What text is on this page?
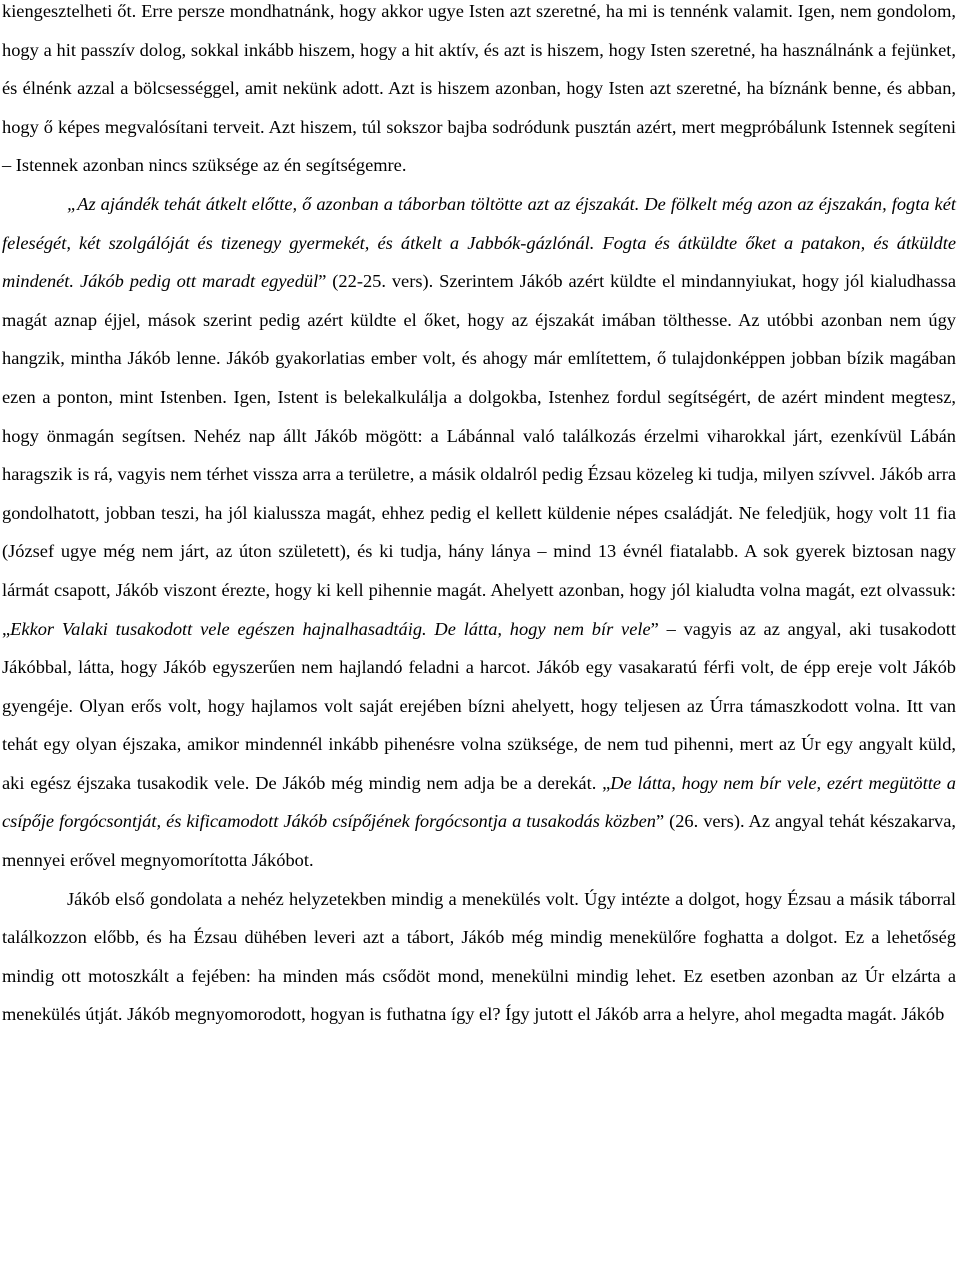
kiengesztelheti őt. Erre persze mondhatnánk, hogy akkor ugye Isten azt szeretné, ha mi is tennénk valamit. Igen, nem gondolom, hogy a hit passzív dolog, sokkal inkább hiszem, hogy a hit aktív, és azt is hiszem, hogy Isten szeretné, ha használnánk a fejünket, és élnénk azzal a bölcsességgel, amit nekünk adott. Azt is hiszem azonban, hogy Isten azt szeretné, ha bíznánk benne, és abban, hogy ő képes megvalósítani terveit. Azt hiszem, túl sokszor bajba sodródunk pusztán azért, mert megpróbálunk Istennek segíteni – Istennek azonban nincs szüksége az én segítségemre.

„Az ajándék tehát átkelt előtte, ő azonban a táborban töltötte azt az éjszakát. De fölkelt még azon az éjszakán, fogta két feleségét, két szolgálóját és tizenegy gyermekét, és átkelt a Jabbók-gázlónál. Fogta és átküldte őket a patakon, és átküldte mindenét. Jákób pedig ott maradt egyedül” (22-25. vers). Szerintem Jákób azért küldte el mindannyiukat, hogy jól kialudhassa magát aznap éjjel, mások szerint pedig azért küldte el őket, hogy az éjszakát imában tölthesse. Az utóbbi azonban nem úgy hangzik, mintha Jákób lenne. Jákób gyakorlatias ember volt, és ahogy már említettem, ő tulajdonképpen jobban bízik magában ezen a ponton, mint Istenben. Igen, Istent is belekalkulálja a dolgokba, Istenhez fordul segítségért, de azért mindent megtesz, hogy önmagán segítsen. Nehéz nap állt Jákób mögött: a Lábánnal való találkozás érzelmi viharokkal járt, ezenkívül Lábán haragszik is rá, vagyis nem térhet vissza arra a területre, a másik oldalról pedig Ézsau közeleg ki tudja, milyen szívvel. Jákób arra gondolhatott, jobban teszi, ha jól kialussza magát, ehhez pedig el kellett küldenie népes családját. Ne feledjük, hogy volt 11 fia (József ugye még nem járt, az úton született), és ki tudja, hány lánya – mind 13 évnél fiatalabb. A sok gyerek biztosan nagy lármát csapott, Jákób viszont érezte, hogy ki kell pihennie magát. Ahelyett azonban, hogy jól kialudta volna magát, ezt olvassuk: „Ekkor Valaki tusakodott vele egészen hajnalhasadtáig. De látta, hogy nem bír vele” – vagyis az az angyal, aki tusakodott Jákóbbal, látta, hogy Jákób egyszerűen nem hajlandó feladni a harcot. Jákób egy vasakaratú férfi volt, de épp ereje volt Jákób gyengéje. Olyan erős volt, hogy hajlamos volt saját erejében bízni ahelyett, hogy teljesen az Úrra támaszkodott volna. Itt van tehát egy olyan éjszaka, amikor mindennél inkább pihenésre volna szüksége, de nem tud pihenni, mert az Úr egy angyalt küld, aki egész éjszaka tusakodik vele. De Jákób még mindig nem adja be a derekát. „De látta, hogy nem bír vele, ezért megütötte a csípője forgócsontját, és kificamodott Jákób csípőjének forgócsontja a tusakodás közben” (26. vers). Az angyal tehát készakarva, mennyei erővel megnyomorította Jákóbot.

Jákób első gondolata a nehéz helyzetekben mindig a menekülés volt. Úgy intézte a dolgot, hogy Ézsau a másik táborral találkozzon előbb, és ha Ézsau dühében leveri azt a tábort, Jákób még mindig menekülőre foghatta a dolgot. Ez a lehetőség mindig ott motoszkált a fejében: ha minden más csődöt mond, menekülni mindig lehet. Ez esetben azonban az Úr elzárta a menekülés útját. Jákób megnyomorodott, hogyan is futhatna így el? Így jutott el Jákób arra a helyre, ahol megadta magát. Jákób
